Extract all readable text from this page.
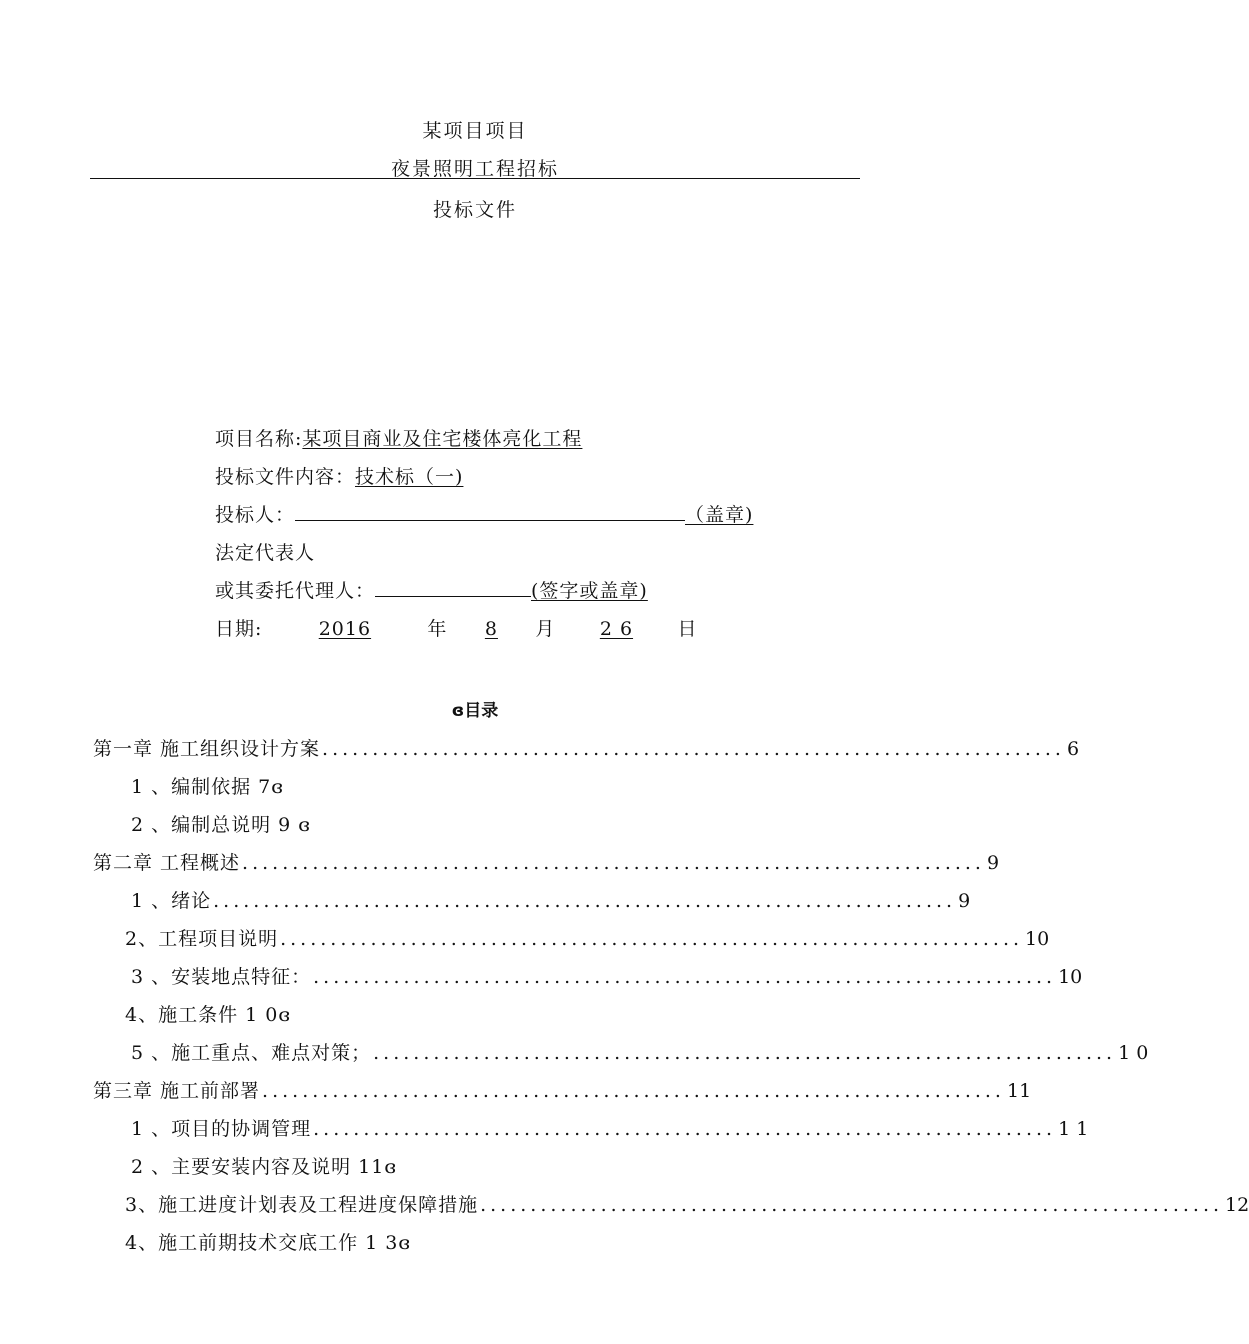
某项目项目
夜景照明工程招标
投标文件
项目名称:某项目商业及住宅楼体亮化工程
投标文件内容：技术标（一)
投标人：	（盖章)
法定代表人
或其委托代理人：	(签字或盖章)
日期:	2016	年 8 月 2 6 日
ɞ目录
第一章 施工组织设计方案 .......................................................................... 6
1 、编制依据 7ɞ
2 、编制总说明 9 ɞ
第二章 工程概述 .......................................................................... 9
1 、绪论 .......................................................................... 9
2、工程项目说明 .......................................................................... 10
3 、安装地点特征： .......................................................................... 10
4、施工条件 1 0ɞ
5 、施工重点、难点对策； .......................................................................... 1 0
第三章 施工前部署 .......................................................................... 11
1 、项目的协调管理 .......................................................................... 1 1
2 、主要安装内容及说明 11ɞ
3、施工进度计划表及工程进度保障措施 .......................................................................... 12
4、施工前期技术交底工作 1 3ɞ
